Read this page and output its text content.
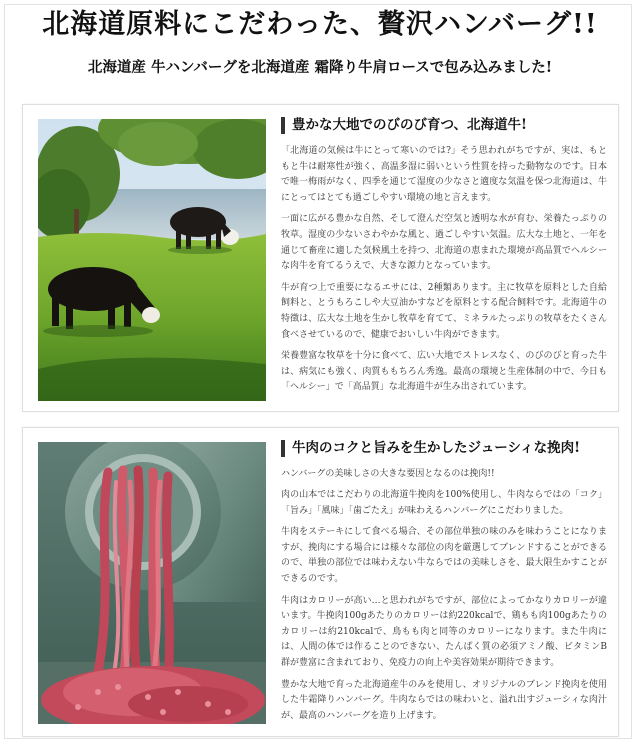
北海道原料にこだわった、贅沢ハンバーグ!!
北海道産 牛ハンバーグを北海道産 霜降り牛肩ロースで包み込みました!
豊かな大地でのびのび育つ、北海道牛!

「北海道の気候は牛にとって寒いのでは?」そう思われがちですが、実は、もともと牛は耐寒性が強く、高温多湿に弱いという性質を持った動物なのです。日本で唯一梅雨がなく、四季を通じて湿度の少なさと適度な気温を保つ北海道は、牛にとってはとても過ごしやすい環境の地と言えます。

一面に広がる豊かな自然、そして澄んだ空気と透明な水が育む、栄養たっぷりの牧草。湿度の少ないさわやかな風と、過ごしやすい気温。広大な土地と、一年を通じて畜産に適した気候風土を持つ、北海道の恵まれた環境が高品質でヘルシーな肉牛を育てるうえで、大きな源力となっています。

牛が育つ上で重要になるエサには、2種類あります。主に牧草を原料とした自給飼料と、とうもろこしや大豆油かすなどを原料とする配合飼料です。北海道牛の特徴は、広大な土地を生かし牧草を育てて、ミネラルたっぷりの牧草をたくさん食べさせているので、健康でおいしい牛肉ができます。

栄養豊富な牧草を十分に食べて、広い大地でストレスなく、のびのびと育った牛は、病気にも強く、肉質ももちろん秀逸。最高の環境と生産体制の中で、今日も「ヘルシー」で「高品質」な北海道牛が生み出されています。

牛肉のコクと旨みを生かしたジューシィな挽肉!

ハンバーグの美味しさの大きな要因となるのは挽肉!!

肉の山本ではこだわりの北海道牛挽肉を100%使用し、牛肉ならではの「コク」「旨み」「風味」「歯ごたえ」が味わえるハンバーグにこだわりました。

牛肉をステーキにして食べる場合、その部位単独の味のみを味わうことになりますが、挽肉にする場合には様々な部位の肉を厳選してブレンドすることができるので、単独の部位では味わえない牛ならではの美味しさを、最大限生かすことができるのです。

牛肉はカロリーが高い…と思われがちですが、部位によってかなりカロリーが違います。牛挽肉100gあたりのカロリーは約220kcalで、鶏もも肉100gあたりのカロリーは約210kcalで、鳥もも肉と同等のカロリーになります。また牛肉には、人間の体では作ることのできない、たんぱく質の必須アミノ酸、ビタミンB群が豊富に含まれており、免疫力の向上や美容効果が期待できます。

豊かな大地で育った北海道産牛のみを使用し、オリジナルのブレンド挽肉を使用した牛霜降りハンバーグ。牛肉ならではの味わいと、溢れ出すジューシィな肉汁が、最高のハンバーグを造り上げます。
